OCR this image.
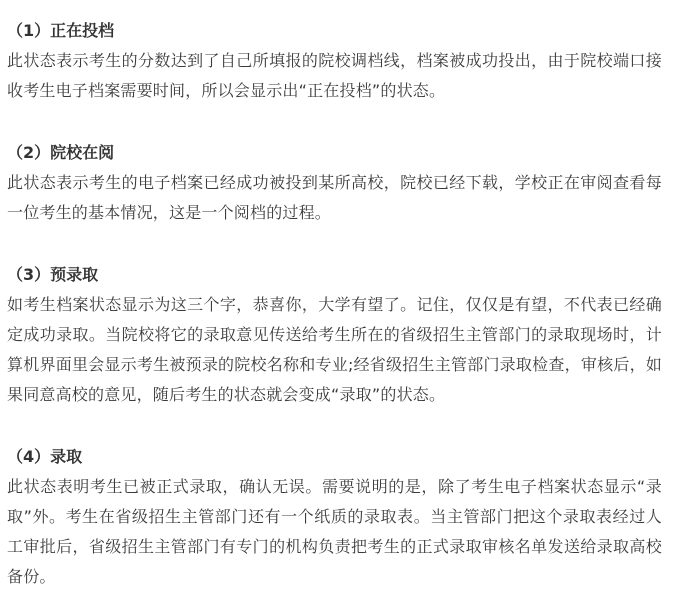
（1）正在投档

此状态表示考生的分数达到了自己所填报的院校调档线，档案被成功投出，由于院校端口接收考生电子档案需要时间，所以会显示出“正在投档”的状态。

（2）院校在阅

此状态表示考生的电子档案已经成功被投到某所高校，院校已经下载，学校正在审阅查看每一位考生的基本情况，这是一个阅档的过程。

（3）预录取

如考生档案状态显示为这三个字，恭喜你，大学有望了。记住，仅仅是有望，不代表已经确定成功录取。当院校将它的录取意见传送给考生所在的省级招生主管部门的录取现场时，计算机界面里会显示考生被预录的院校名称和专业;经省级招生主管部门录取检查，审核后，如果同意高校的意见，随后考生的状态就会变成“录取”的状态。

（4）录取

此状态表明考生已被正式录取，确认无误。需要说明的是，除了考生电子档案状态显示“录取”外。考生在省级招生主管部门还有一个纸质的录取表。当主管部门把这个录取表经过人工审批后，省级招生主管部门有专门的机构负责把考生的正式录取审核名单发送给录取高校备份。
